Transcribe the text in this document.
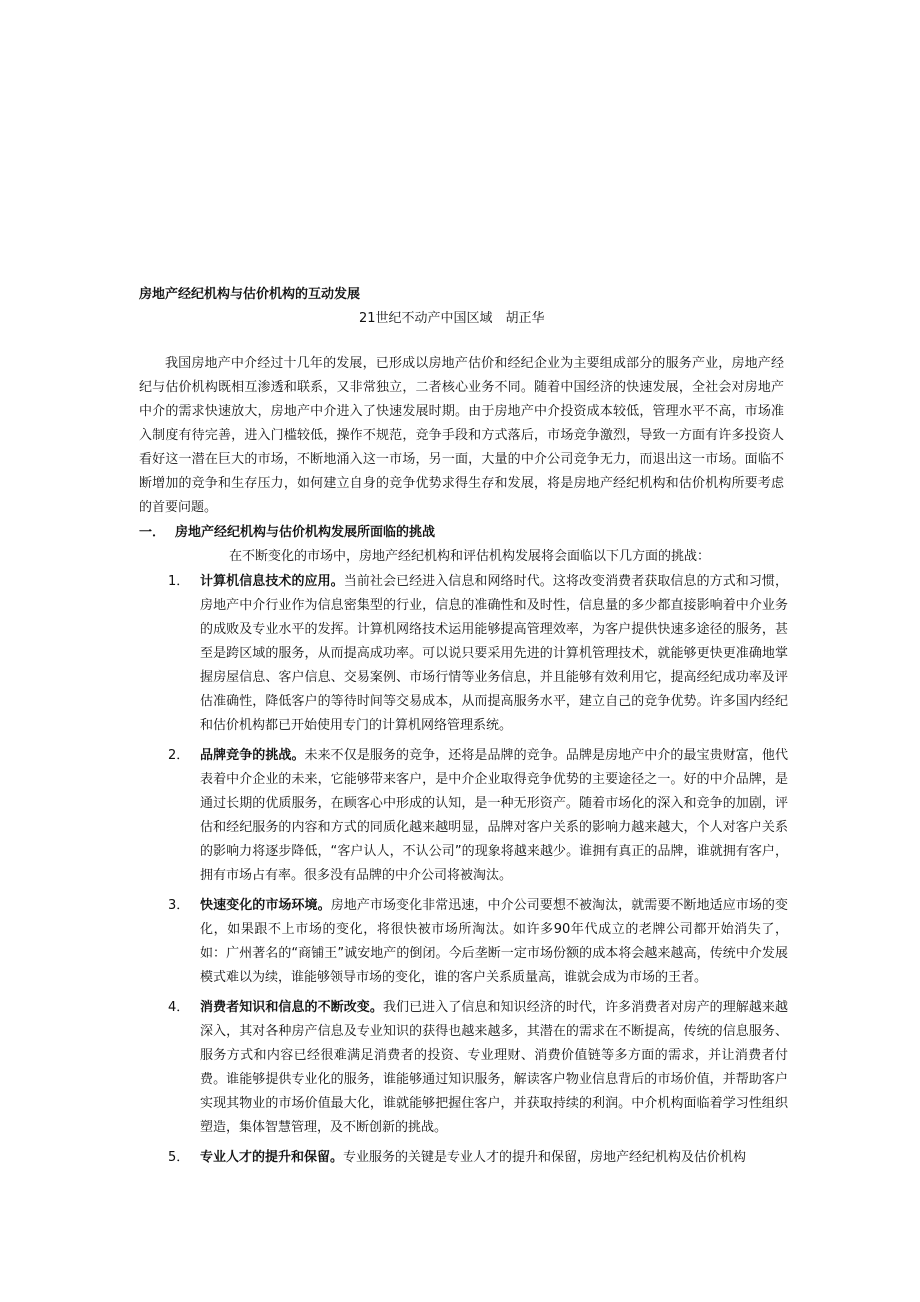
房地产经纪机构与估价机构的互动发展
21世纪不动产中国区域　胡正华

我国房地产中介经过十几年的发展，已形成以房地产估价和经纪企业为主要组成部分的服务产业，房地产经纪与估价机构既相互渗透和联系，又非常独立，二者核心业务不同。随着中国经济的快速发展，全社会对房地产中介的需求快速放大，房地产中介进入了快速发展时期。由于房地产中介投资成本较低，管理水平不高，市场准入制度有待完善，进入门槛较低，操作不规范，竞争手段和方式落后，市场竞争激烈，导致一方面有许多投资人看好这一潜在巨大的市场，不断地涌入这一市场，另一面，大量的中介公司竞争无力，而退出这一市场。面临不断增加的竞争和生存压力，如何建立自身的竞争优势求得生存和发展，将是房地产经纪机构和估价机构所要考虑的首要问题。

一． 房地产经纪机构与估价机构发展所面临的挑战
在不断变化的市场中，房地产经纪机构和评估机构发展将会面临以下几方面的挑战：
1． 计算机信息技术的应用。当前社会已经进入信息和网络时代。这将改变消费者获取信息的方式和习惯，房地产中介行业作为信息密集型的行业，信息的准确性和及时性，信息量的多少都直接影响着中介业务的成败及专业水平的发挥。计算机网络技术运用能够提高管理效率，为客户提供快速多途径的服务，甚至是跨区域的服务，从而提高成功率。可以说只要采用先进的计算机管理技术，就能够更快更准确地掌握房屋信息、客户信息、交易案例、市场行情等业务信息，并且能够有效利用它，提高经纪成功率及评估准确性，降低客户的等待时间等交易成本，从而提高服务水平，建立自己的竞争优势。许多国内经纪和估价机构都已开始使用专门的计算机网络管理系统。

2． 品牌竞争的挑战。未来不仅是服务的竞争，还将是品牌的竞争。品牌是房地产中介的最宝贵财富，他代表着中介企业的未来，它能够带来客户，是中介企业取得竞争优势的主要途径之一。好的中介品牌，是通过长期的优质服务，在顾客心中形成的认知，是一种无形资产。随着市场化的深入和竞争的加剧，评估和经纪服务的内容和方式的同质化越来越明显，品牌对客户关系的影响力越来越大，个人对客户关系的影响力将逐步降低，“客户认人，不认公司”的现象将越来越少。谁拥有真正的品牌，谁就拥有客户，拥有市场占有率。很多没有品牌的中介公司将被淘汰。

3． 快速变化的市场环境。房地产市场变化非常迅速，中介公司要想不被淘汰，就需要不断地适应市场的变化，如果跟不上市场的变化，将很快被市场所淘汰。如许多90年代成立的老牌公司都开始消失了，如：广州著名的“商铺王”诚安地产的倒闭。今后垄断一定市场份额的成本将会越来越高，传统中介发展模式难以为续，谁能够领导市场的变化，谁的客户关系质量高，谁就会成为市场的王者。

4． 消费者知识和信息的不断改变。我们已进入了信息和知识经济的时代，许多消费者对房产的理解越来越深入，其对各种房产信息及专业知识的获得也越来越多，其潜在的需求在不断提高，传统的信息服务、服务方式和内容已经很难满足消费者的投资、专业理财、消费价值链等多方面的需求，并让消费者付费。谁能够提供专业化的服务，谁能够通过知识服务，解读客户物业信息背后的市场价值，并帮助客户实现其物业的市场价值最大化，谁就能够把握住客户，并获取持续的利润。中介机构面临着学习性组织塑造，集体智慧管理，及不断创新的挑战。

5． 专业人才的提升和保留。专业服务的关键是专业人才的提升和保留，房地产经纪机构及估价机构
